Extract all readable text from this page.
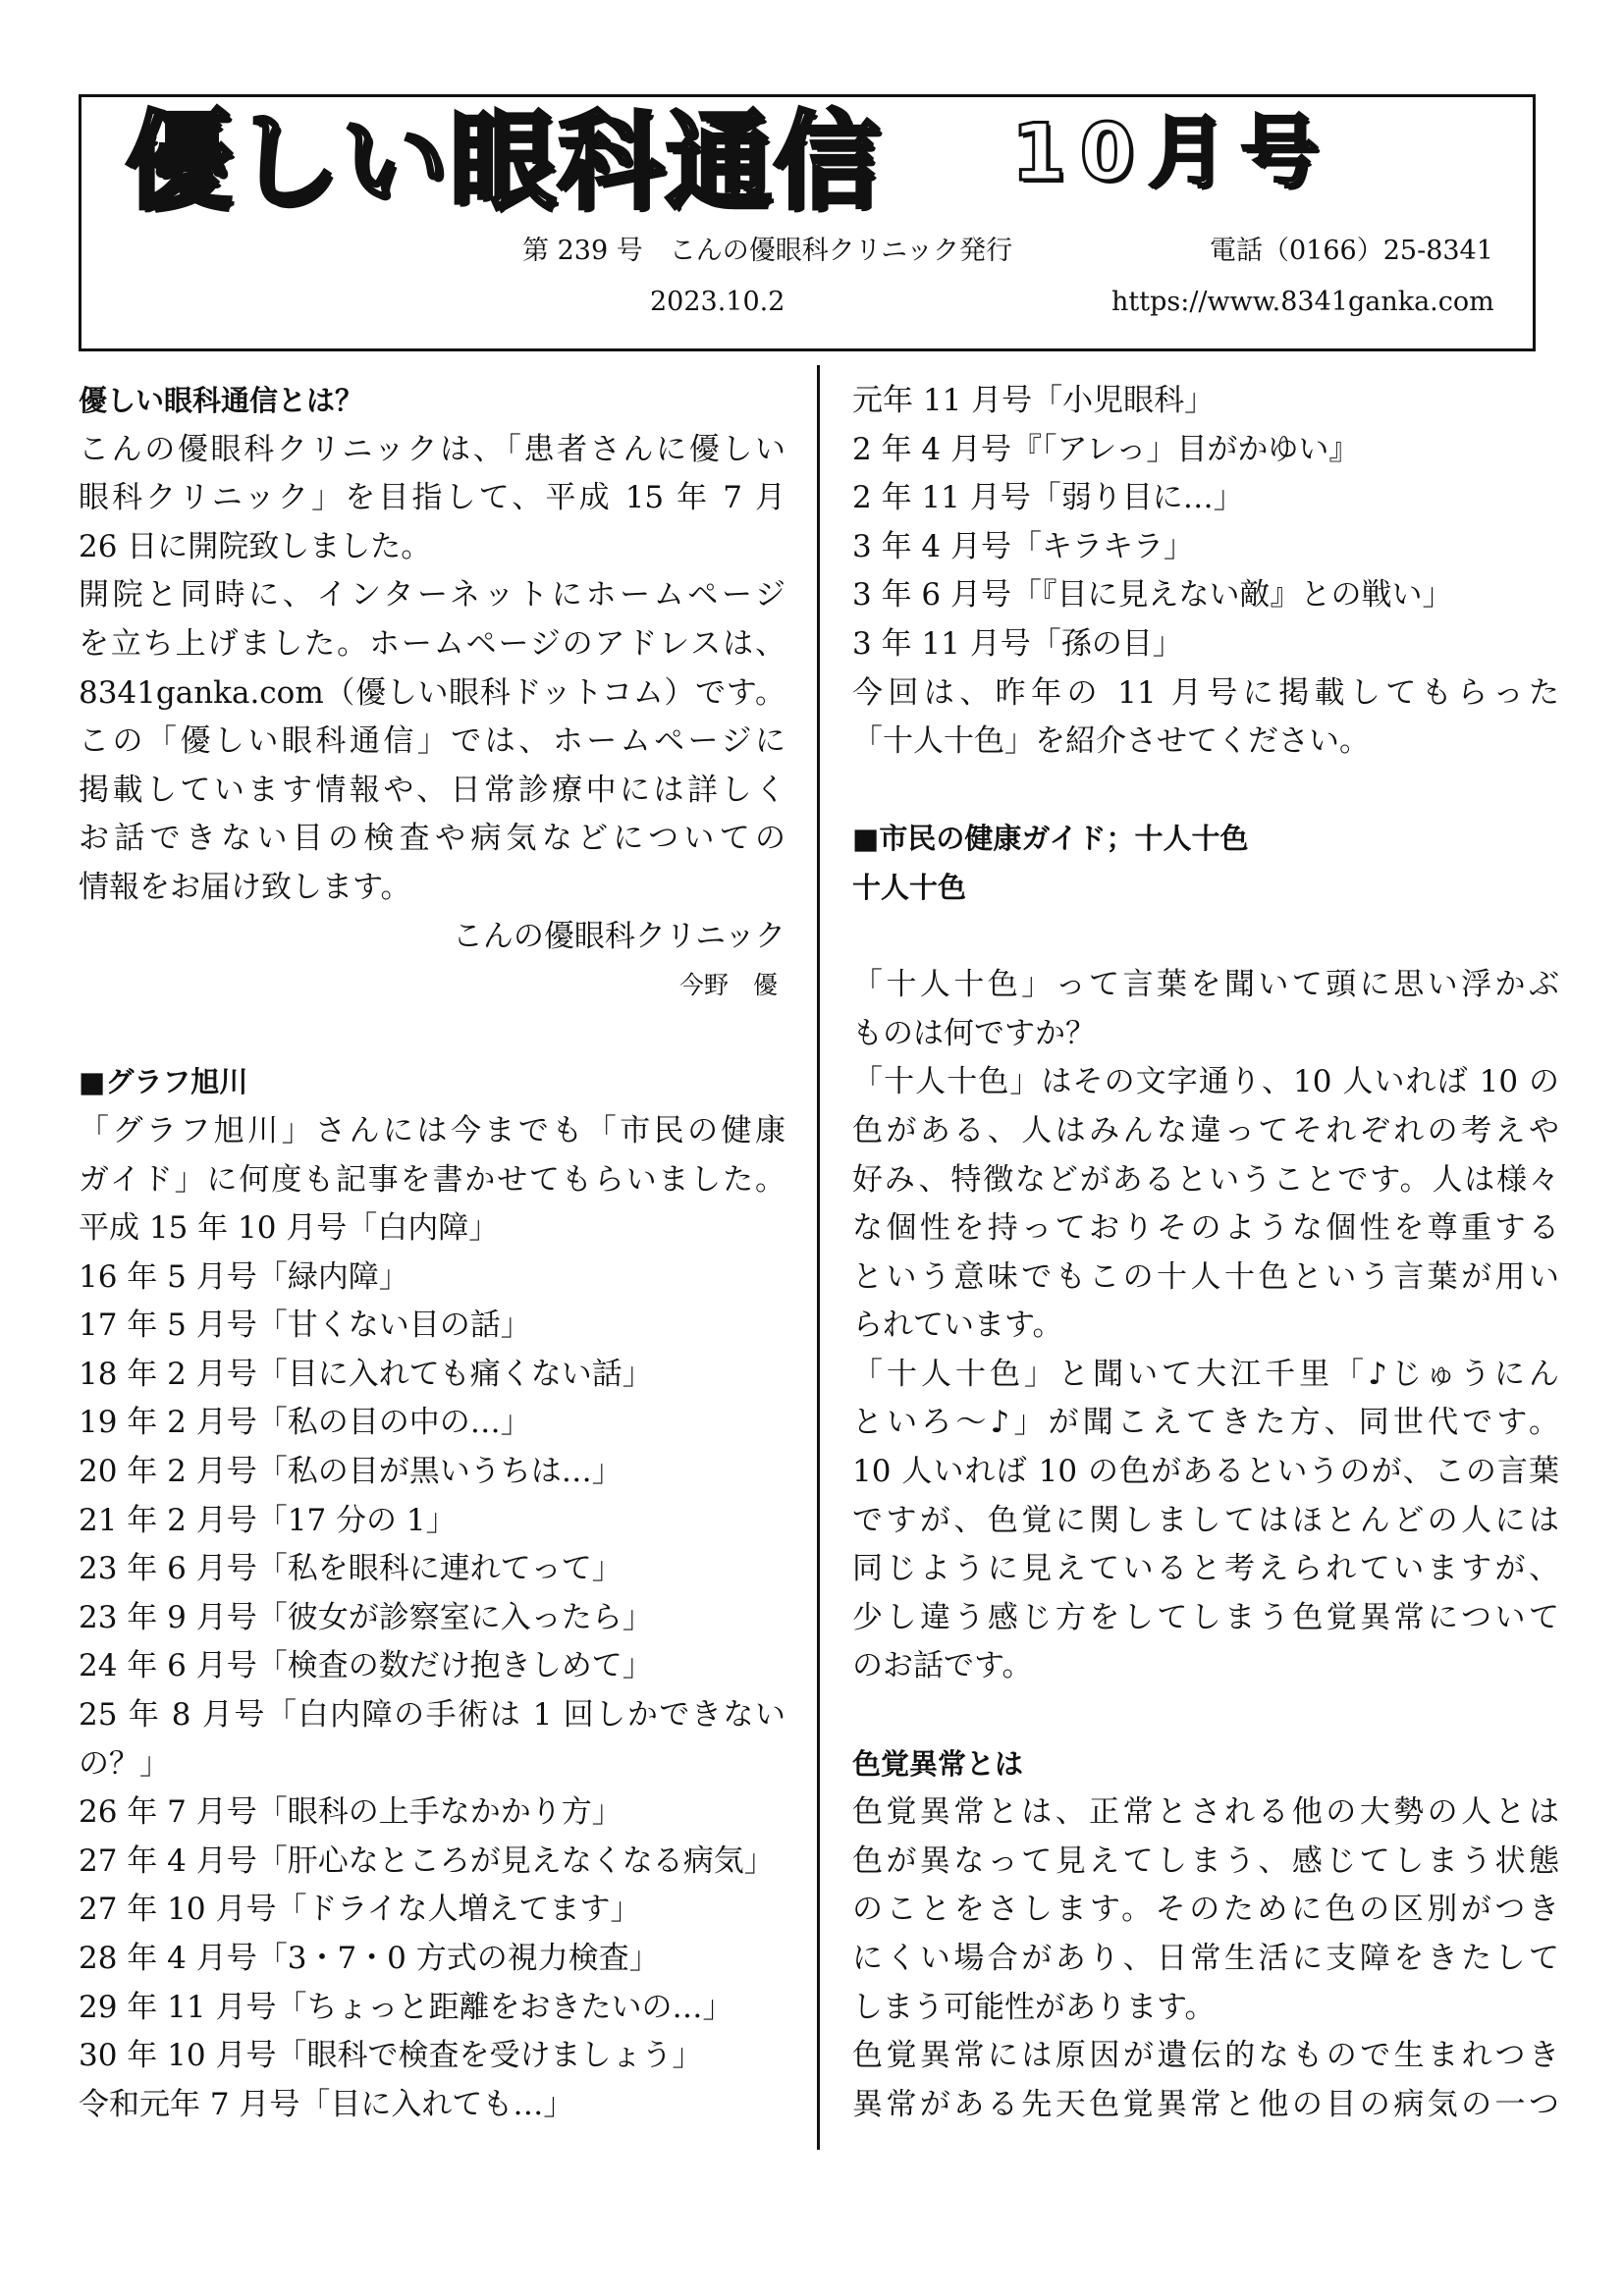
優しい眼科通信 10月号
第 239 号　こんの優眼科クリニック発行	電話（0166）25-8341
2023.10.2	https://www.8341ganka.com

優しい眼科通信とは？

こんの優眼科クリニックは、「患者さんに優しい

眼科クリニック」を目指して、平成 15 年 7 月

26 日に開院致しました。

開院と同時に、インターネットにホームページ

を立ち上げました。ホームページのアドレスは、

8341ganka.com（優しい眼科ドットコム）です。

この「優しい眼科通信」では、ホームページに

掲載しています情報や、日常診療中には詳しく

お話できない目の検査や病気などについての

情報をお届け致します。

こんの優眼科クリニック

今野　優

■グラフ旭川

「グラフ旭川」さんには今までも「市民の健康

ガイド」に何度も記事を書かせてもらいました。

平成 15 年 10 月号「白内障」

16 年 5 月号「緑内障」

17 年 5 月号「甘くない目の話」

18 年 2 月号「目に入れても痛くない話」

19 年 2 月号「私の目の中の…」

20 年 2 月号「私の目が黒いうちは…」

21 年 2 月号「17 分の 1」

23 年 6 月号「私を眼科に連れてって」

23 年 9 月号「彼女が診察室に入ったら」

24 年 6 月号「検査の数だけ抱きしめて」

25 年 8 月号「白内障の手術は 1 回しかできない

の？」

26 年 7 月号「眼科の上手なかかり方」

27 年 4 月号「肝心なところが見えなくなる病気」

27 年 10 月号「ドライな人増えてます」

28 年 4 月号「3・7・0 方式の視力検査」

29 年 11 月号「ちょっと距離をおきたいの…」

30 年 10 月号「眼科で検査を受けましょう」

令和元年 7 月号「目に入れても…」

元年 11 月号「小児眼科」

2 年 4 月号『「アレっ」目がかゆい』

2 年 11 月号「弱り目に…」

3 年 4 月号「キラキラ」

3 年 6 月号「『目に見えない敵』との戦い」

3 年 11 月号「孫の目」

今回は、昨年の 11 月号に掲載してもらった

「十人十色」を紹介させてください。

■市民の健康ガイド；十人十色

十人十色

「十人十色」って言葉を聞いて頭に思い浮かぶ

ものは何ですか？

「十人十色」はその文字通り、10 人いれば 10 の

色がある、人はみんな違ってそれぞれの考えや

好み、特徴などがあるということです。人は様々

な個性を持っておりそのような個性を尊重する

という意味でもこの十人十色という言葉が用い

られています。

「十人十色」と聞いて大江千里「♪じゅうにん

といろ～♪」が聞こえてきた方、同世代です。

10 人いれば 10 の色があるというのが、この言葉

ですが、色覚に関しましてはほとんどの人には

同じように見えていると考えられていますが、

少し違う感じ方をしてしまう色覚異常について

のお話です。

色覚異常とは

色覚異常とは、正常とされる他の大勢の人とは

色が異なって見えてしまう、感じてしまう状態

のことをさします。そのために色の区別がつき

にくい場合があり、日常生活に支障をきたして

しまう可能性があります。

色覚異常には原因が遺伝的なもので生まれつき

異常がある先天色覚異常と他の目の病気の一つ
